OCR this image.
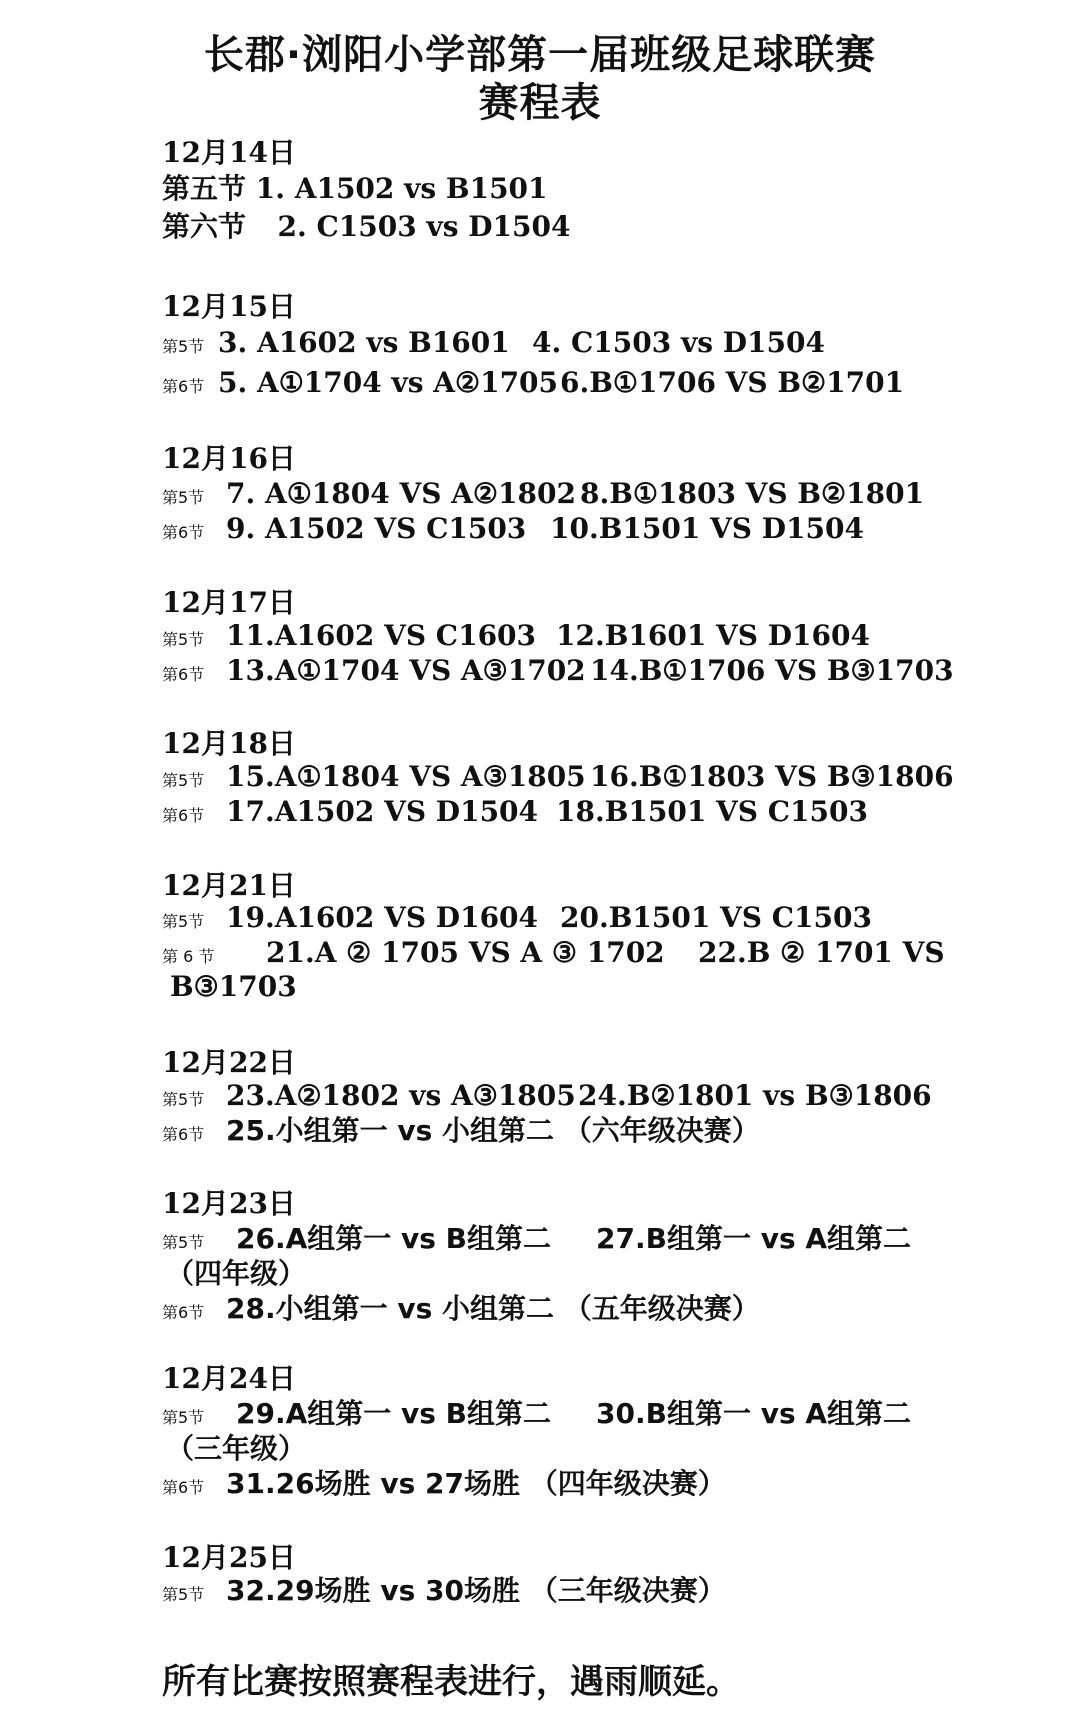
长郡·浏阳小学部第一届班级足球联赛
赛程表
12月14日
第五节 1. A1502 vs B1501
第六节 2. C1503 vs D1504
12月15日
第5节 3. A1602 vs B1601 4. C1503 vs D1504
第6节 5. A①1704 vs A②1705 6.B①1706 VS B②1701
12月16日
第5节 7. A①1804 VS A②1802 8.B①1803 VS B②1801
第6节 9. A1502 VS C1503 10.B1501 VS D1504
12月17日
第5节 11.A1602 VS C1603 12.B1601 VS D1604
第6节 13.A①1704 VS A③1702 14.B①1706 VS B③1703
12月18日
第5节 15.A①1804 VS A③1805 16.B①1803 VS B③1806
第6节 17.A1502 VS D1504 18.B1501 VS C1503
12月21日
第5节 19.A1602 VS D1604 20.B1501 VS C1503
第 6 节 21.A ② 1705 VS A ③ 1702 22.B ② 1701 VS
B③1703
12月22日
第5节 23.A②1802 vs A③1805 24.B②1801 vs B③1806
第6节 25.小组第一 vs 小组第二 （六年级决赛）
12月23日
第5节 26.A组第一 vs B组第二 27.B组第一 vs A组第二
（四年级）
第6节 28.小组第一 vs 小组第二 （五年级决赛）
12月24日
第5节 29.A组第一 vs B组第二 30.B组第一 vs A组第二
（三年级）
第6节 31.26场胜 vs 27场胜 （四年级决赛）
12月25日
第5节 32.29场胜 vs 30场胜 （三年级决赛）
所有比赛按照赛程表进行，遇雨顺延。
